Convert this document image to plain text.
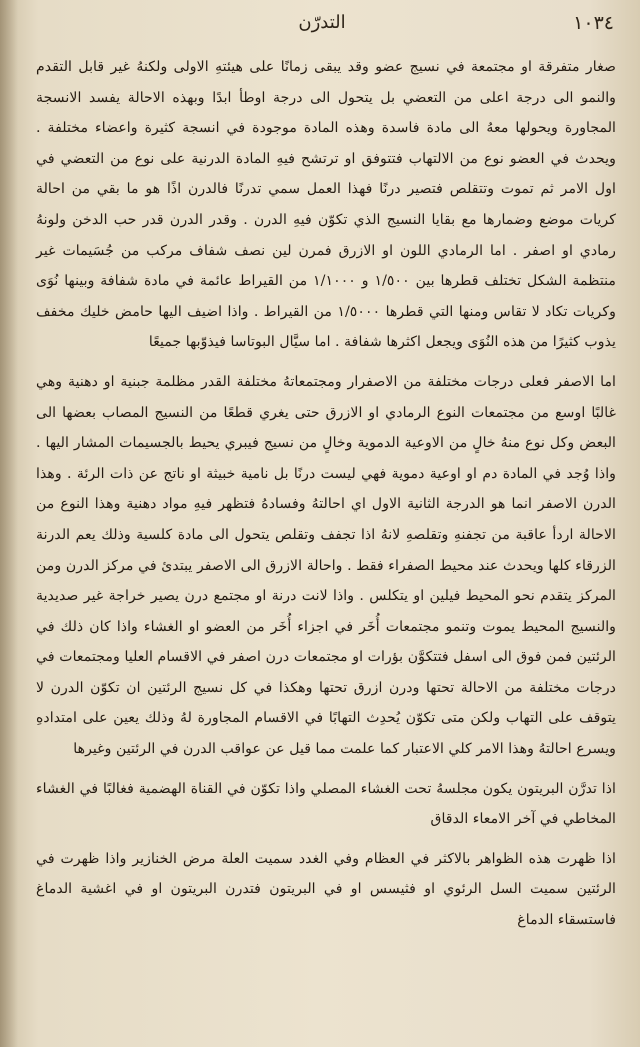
التدرّن	١٠٣٤

صغار متفرقة او مجتمعة في نسيج عضو وقد يبقى زمانًا على هيئتهِ الاولى ولكنهُ غير قابل التقدم والنمو الى درجة اعلى من التعضي بل يتحول الى درجة اوطأ ابدًا وبهذه الاحالة يفسد الانسجة المجاورة ويحولها معهُ الى مادة فاسدة وهذه المادة موجودة في انسجة كثيرة واعضاء مختلفة . ويحدث في العضو نوع من الالتهاب فتتوفق او ترتشح فيهِ المادة الدرنية على نوع من التعضي في اول الامر ثم تموت وتتقلص فتصير درنًا فهذا العمل سمي تدرنًا فالدرن اذًا هو ما بقي من احالة كريات موضع وضمارها مع بقايا النسيج الذي تكوّن فيهِ الدرن . وقدر الدرن قدر حب الدخن ولونهُ رمادي او اصفر . اما الرمادي اللون او الازرق فمرن لين نصف شفاف مركب من جُسَيمات غير منتظمة الشكل تختلف قطرها بين ١/٥٠٠ و ١/١٠٠٠ من القيراط عائمة في مادة شفافة وبينها نُوَى وكريات تكاد لا تقاس ومنها التي قطرها ١/٥٠٠٠ من القيراط . واذا اضيف اليها حامض خليك مخفف يذوب كثيرًا من هذه النُوَى ويجعل اكثرها شفافة . اما سيَّال البوتاسا فيذوّبها جميعًا

اما الاصفر فعلى درجات مختلفة من الاصفرار ومجتمعاتهُ مختلفة القدر مظلمة جبنية او دهنية وهي غالبًا اوسع من مجتمعات النوع الرمادي او الازرق حتى يغري قطعًا من النسيج المصاب بعضها الى البعض وكل نوع منهُ خالٍ من الاوعية الدموية وخالٍ من نسيج فيبري يحيط بالجسيمات المشار اليها . واذا وُجد في المادة دم او اوعية دموية فهي ليست درنًا بل نامية خبيثة او ناتج عن ذات الرئة . وهذا الدرن الاصفر انما هو الدرجة الثانية الاول اي احالتهُ وفسادهُ فتظهر فيهِ مواد دهنية وهذا النوع من الاحالة اردأ عاقبة من تجفنهِ وتقلصهِ لانهُ اذا تجفف وتقلص يتحول الى مادة كلسية وذلك يعم الدرنة الزرقاء كلها ويحدث عند محيط الصفراء فقط . واحالة الازرق الى الاصفر يبتدئ في مركز الدرن ومن المركز يتقدم نحو المحيط فيلين او يتكلس . واذا لانت درنة او مجتمع درن يصير خراجة غير صديدية والنسيج المحيط يموت وتنمو مجتمعات أُخَر في اجزاء أُخَر من العضو او الغشاء واذا كان ذلك في الرئتين فمن فوق الى اسفل فتتكوَّن بؤرات او مجتمعات درن اصفر في الاقسام العليا ومجتمعات في درجات مختلفة من الاحالة تحتها ودرن ازرق تحتها وهكذا في كل نسيج الرئتين ان تكوّن الدرن لا يتوقف على التهاب ولكن متى تكوّن يُحدِث التهابًا في الاقسام المجاورة لهُ وذلك يعين على امتدادهِ ويسرع احالتهُ وهذا الامر كلي الاعتبار كما علمت مما قيل عن عواقب الدرن في الرئتين وغيرها

اذا تدرَّن البريتون يكون مجلسهُ تحت الغشاء المصلي واذا تكوّن في القناة الهضمية فغالبًا في الغشاء المخاطي في آخر الامعاء الدقاق

اذا ظهرت هذه الظواهر بالاكثر في العظام وفي الغدد سميت العلة مرض الخنازير واذا ظهرت في الرئتين سميت السل الرئوي او فثيسس او في البريتون فتدرن البريتون او في اغشية الدماغ فاستسقاء الدماغ
